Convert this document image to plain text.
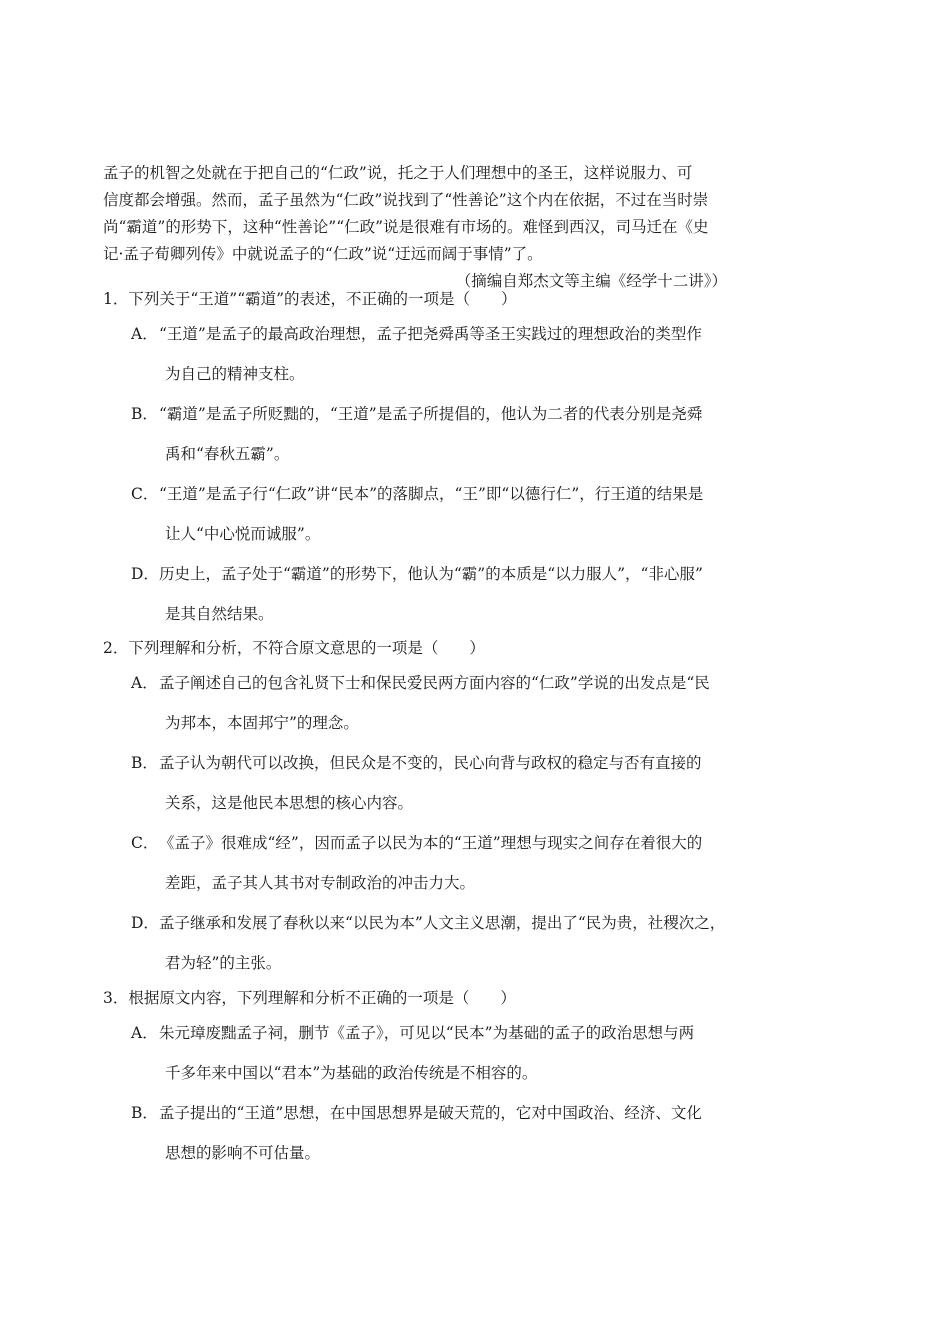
孟子的机智之处就在于把自己的“仁政”说，托之于人们理想中的圣王，这样说服力、可
信度都会增强。然而，孟子虽然为“仁政”说找到了“性善论”这个内在依据，不过在当时崇
尚“霸道”的形势下，这种“性善论”“仁政”说是很难有市场的。难怪到西汉，司马迁在《史
记·孟子荀卿列传》中就说孟子的“仁政”说“迂远而阔于事情”了。
（摘编自郑杰文等主编《经学十二讲》）
1．下列关于“王道”“霸道”的表述，不正确的一项是（　　）
A．“王道”是孟子的最高政治理想，孟子把尧舜禹等圣王实践过的理想政治的类型作
为自己的精神支柱。
B．“霸道”是孟子所贬黜的，“王道”是孟子所提倡的，他认为二者的代表分别是尧舜
禹和“春秋五霸”。
C．“王道”是孟子行“仁政”讲“民本”的落脚点，“王”即“以德行仁”，行王道的结果是
让人“中心悦而诚服”。
D．历史上，孟子处于“霸道”的形势下，他认为“霸”的本质是“以力服人”，“非心服”
是其自然结果。
2．下列理解和分析，不符合原文意思的一项是（　　）
A．孟子阐述自己的包含礼贤下士和保民爱民两方面内容的“仁政”学说的出发点是“民
为邦本，本固邦宁”的理念。
B．孟子认为朝代可以改换，但民众是不变的，民心向背与政权的稳定与否有直接的
关系，这是他民本思想的核心内容。
C．《孟子》很难成“经”，因而孟子以民为本的“王道”理想与现实之间存在着很大的
差距，孟子其人其书对专制政治的冲击力大。
D．孟子继承和发展了春秋以来“以民为本”人文主义思潮，提出了“民为贵，社稷次之，
君为轻”的主张。
3．根据原文内容，下列理解和分析不正确的一项是（　　）
A．朱元璋废黜孟子祠，删节《孟子》，可见以“民本”为基础的孟子的政治思想与两
千多年来中国以“君本”为基础的政治传统是不相容的。
B．孟子提出的“王道”思想，在中国思想界是破天荒的，它对中国政治、经济、文化
思想的影响不可估量。
